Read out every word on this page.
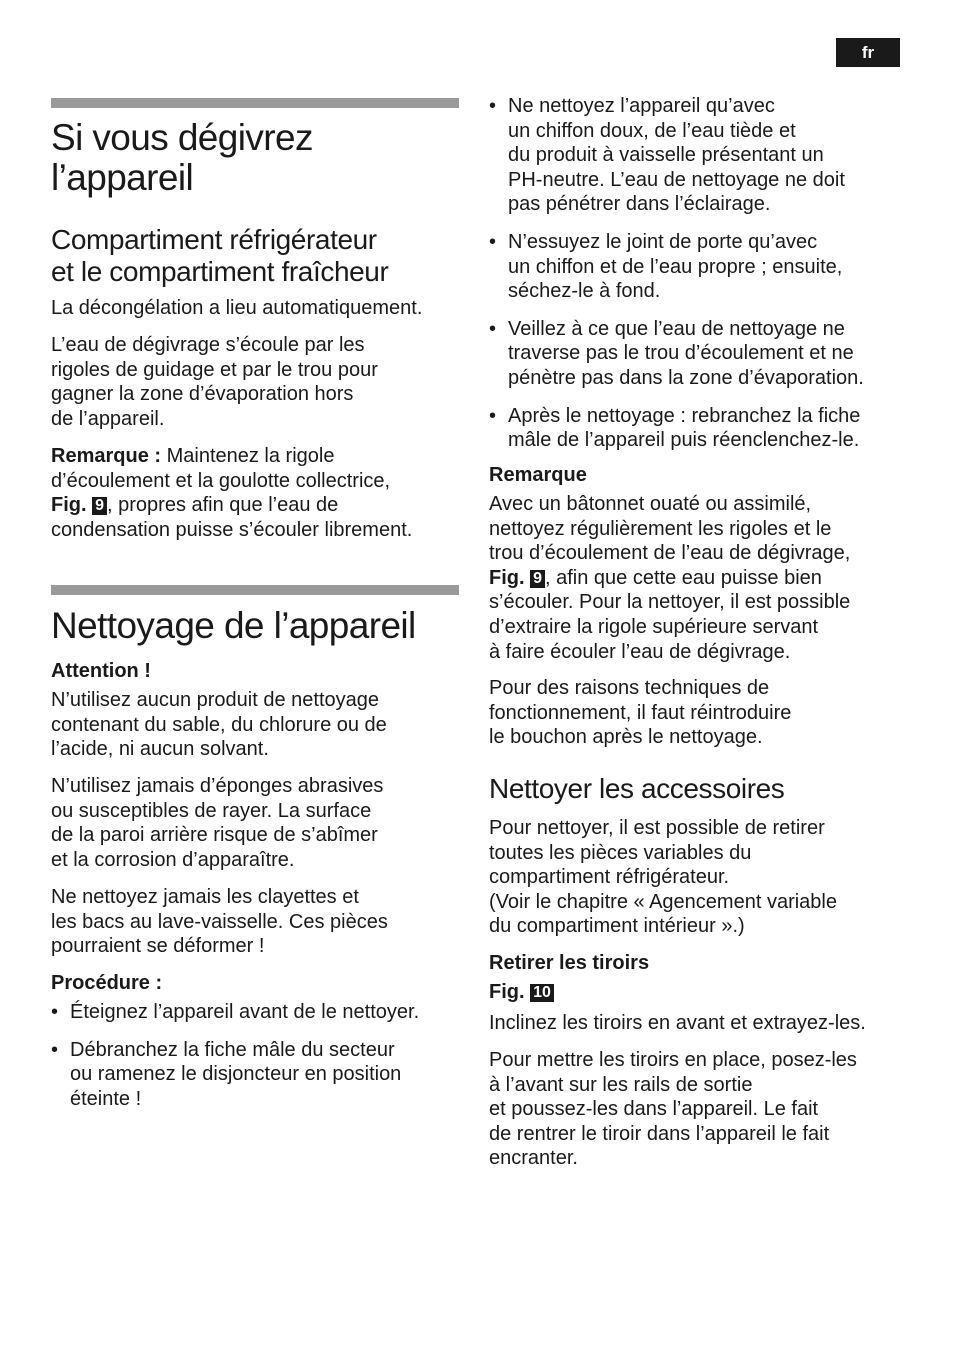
fr
Si vous dégivrez
l’appareil
Compartiment réfrigérateur
et le compartiment fraîcheur

La décongélation a lieu automatiquement.

L’eau de dégivrage s’écoule par les
rigoles de guidage et par le trou pour
gagner la zone d’évaporation hors
de l’appareil.

Remarque : Maintenez la rigole
d’écoulement et la goulotte collectrice,
Fig. 9 , propres afin que l’eau de
condensation puisse s’écouler librement.

Nettoyage de l’appareil

Attention !

N’utilisez aucun produit de nettoyage
contenant du sable, du chlorure ou de
l’acide, ni aucun solvant.

N’utilisez jamais d’éponges abrasives
ou susceptibles de rayer. La surface
de la paroi arrière risque de s’abîmer
et la corrosion d’apparaître.

Ne nettoyez jamais les clayettes et
les bacs au lave-vaisselle. Ces pièces
pourraient se déformer !

Procédure :

• Éteignez l’appareil avant de le nettoyer.
• Débranchez la fiche mâle du secteur
ou ramenez le disjoncteur en position
éteinte !
• Ne nettoyez l’appareil qu’avec
un chiffon doux, de l’eau tiède et
du produit à vaisselle présentant un
PH-neutre. L’eau de nettoyage ne doit
pas pénétrer dans l’éclairage.
• N’essuyez le joint de porte qu’avec
un chiffon et de l’eau propre ; ensuite,
séchez-le à fond.
• Veillez à ce que l’eau de nettoyage ne
traverse pas le trou d’écoulement et ne
pénètre pas dans la zone d’évaporation.
• Après le nettoyage : rebranchez la fiche
mâle de l’appareil puis réenclenchez-le.

Remarque

Avec un bâtonnet ouaté ou assimilé,
nettoyez régulièrement les rigoles et le
trou d’écoulement de l’eau de dégivrage,
Fig. 9 , afin que cette eau puisse bien
s’écouler. Pour la nettoyer, il est possible
d’extraire la rigole supérieure servant
à faire écouler l’eau de dégivrage.

Pour des raisons techniques de
fonctionnement, il faut réintroduire
le bouchon après le nettoyage.

Nettoyer les accessoires

Pour nettoyer, il est possible de retirer
toutes les pièces variables du
compartiment réfrigérateur.
(Voir le chapitre « Agencement variable
du compartiment intérieur ».)

Retirer les tiroirs

Fig. 10

Inclinez les tiroirs en avant et extrayez-les.

Pour mettre les tiroirs en place, posez-les
à l’avant sur les rails de sortie
et poussez-les dans l’appareil. Le fait
de rentrer le tiroir dans l’appareil le fait
encranter.
